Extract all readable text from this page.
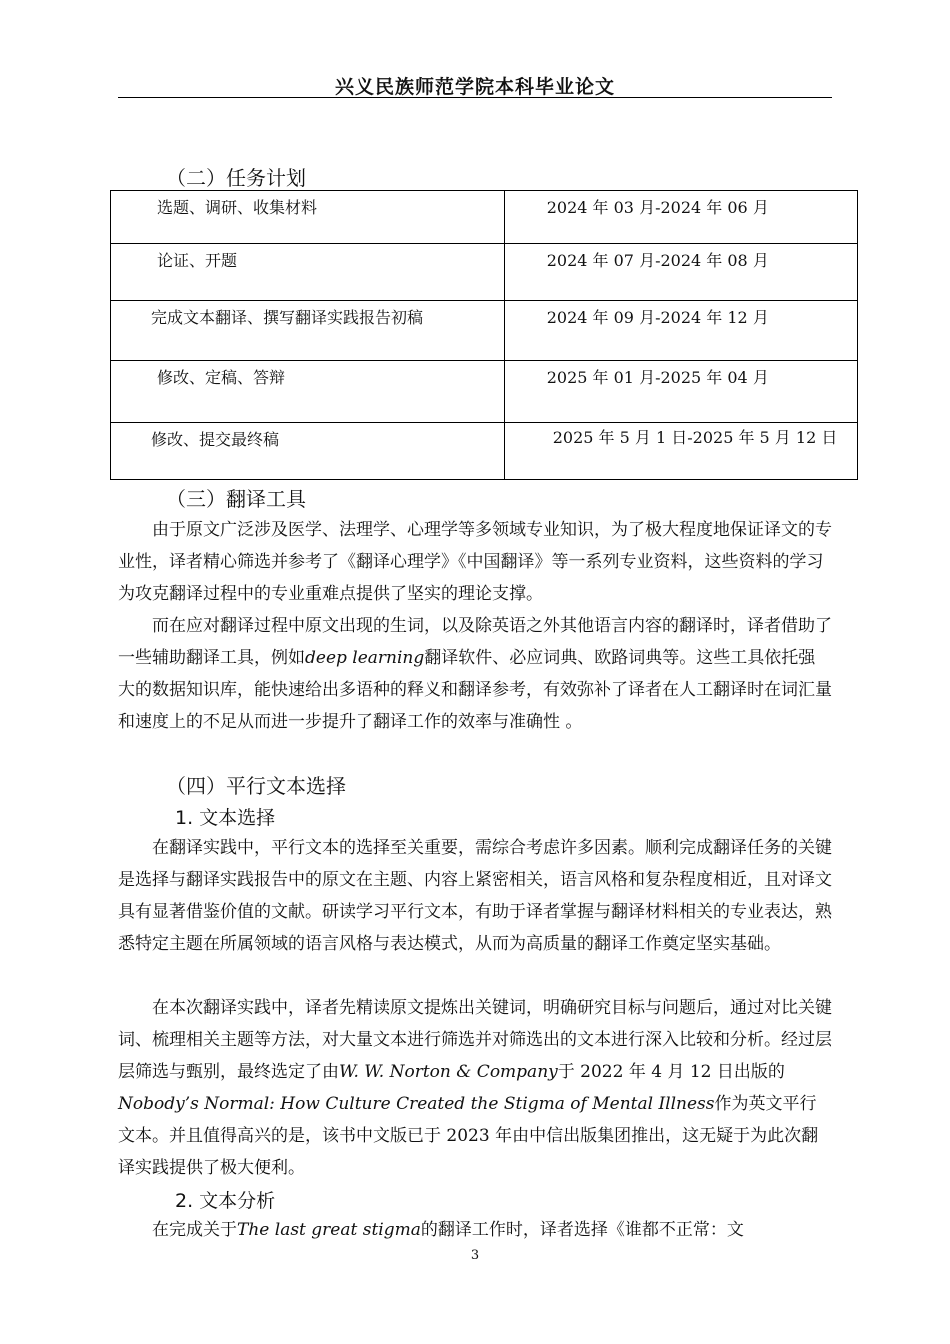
兴义民族师范学院本科毕业论文
（二）任务计划
选题、调研、收集材料	2024 年 03 月-2024 年 06 月
论证、开题	2024 年 07 月-2024 年 08 月
完成文本翻译、撰写翻译实践报告初稿	2024 年 09 月-2024 年 12 月
修改、定稿、答辩	2025 年 01 月-2025 年 04 月
修改、提交最终稿	2025 年 5 月 1 日-2025 年 5 月 12 日
（三）翻译工具

由于原文广泛涉及医学、法理学、心理学等多领域专业知识，为了极大程度地保证译文的专业性，译者精心筛选并参考了《翻译心理学》《中国翻译》等一系列专业资料，这些资料的学习为攻克翻译过程中的专业重难点提供了坚实的理论支撑。

而在应对翻译过程中原文出现的生词，以及除英语之外其他语言内容的翻译时，译者借助了一些辅助翻译工具，例如deep learning翻译软件、必应词典、欧路词典等。这些工具依托强大的数据知识库，能快速给出多语种的释义和翻译参考，有效弥补了译者在人工翻译时在词汇量和速度上的不足从而进一步提升了翻译工作的效率与准确性 。

（四）平行文本选择
1. 文本选择

在翻译实践中，平行文本的选择至关重要，需综合考虑许多因素。顺利完成翻译任务的关键是选择与翻译实践报告中的原文在主题、内容上紧密相关，语言风格和复杂程度相近，且对译文具有显著借鉴价值的文献。研读学习平行文本，有助于译者掌握与翻译材料相关的专业表达，熟悉特定主题在所属领域的语言风格与表达模式，从而为高质量的翻译工作奠定坚实基础。

在本次翻译实践中，译者先精读原文提炼出关键词，明确研究目标与问题后，通过对比关键词、梳理相关主题等方法，对大量文本进行筛选并对筛选出的文本进行深入比较和分析。经过层层筛选与甄别，最终选定了由W. W. Norton & Company于 2022 年 4 月 12 日出版的Nobody’s Normal: How Culture Created the Stigma of Mental Illness作为英文平行文本。并且值得高兴的是，该书中文版已于 2023 年由中信出版集团推出，这无疑于为此次翻译实践提供了极大便利。

2. 文本分析

在完成关于The last great stigma的翻译工作时，译者选择《谁都不正常：文

3
